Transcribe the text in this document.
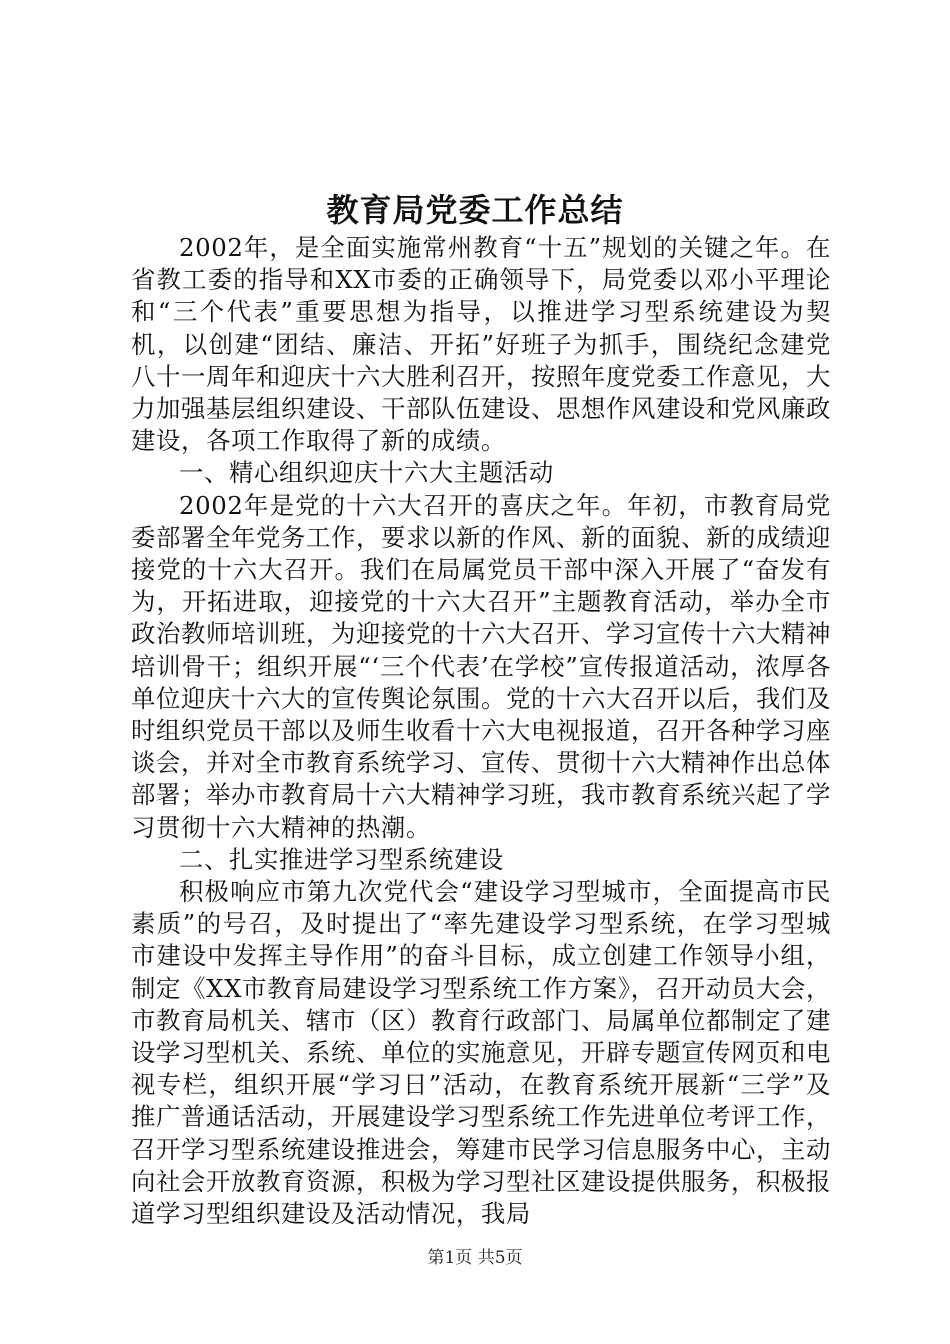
教育局党委工作总结

2002年，是全面实施常州教育“十五”规划的关键之年。在省教工委的指导和XX市委的正确领导下，局党委以邓小平理论和“三个代表”重要思想为指导，以推进学习型系统建设为契机，以创建“团结、廉洁、开拓”好班子为抓手，围绕纪念建党八十一周年和迎庆十六大胜利召开，按照年度党委工作意见，大力加强基层组织建设、干部队伍建设、思想作风建设和党风廉政建设，各项工作取得了新的成绩。

一、精心组织迎庆十六大主题活动

2002年是党的十六大召开的喜庆之年。年初，市教育局党委部署全年党务工作，要求以新的作风、新的面貌、新的成绩迎接党的十六大召开。我们在局属党员干部中深入开展了“奋发有为，开拓进取，迎接党的十六大召开”主题教育活动，举办全市政治教师培训班，为迎接党的十六大召开、学习宣传十六大精神培训骨干；组织开展“‘三个代表’在学校”宣传报道活动，浓厚各单位迎庆十六大的宣传舆论氛围。党的十六大召开以后，我们及时组织党员干部以及师生收看十六大电视报道，召开各种学习座谈会，并对全市教育系统学习、宣传、贯彻十六大精神作出总体部署；举办市教育局十六大精神学习班，我市教育系统兴起了学习贯彻十六大精神的热潮。

二、扎实推进学习型系统建设

积极响应市第九次党代会“建设学习型城市，全面提高市民素质”的号召，及时提出了“率先建设学习型系统，在学习型城市建设中发挥主导作用”的奋斗目标，成立创建工作领导小组，制定《XX市教育局建设学习型系统工作方案》，召开动员大会，市教育局机关、辖市（区）教育行政部门、局属单位都制定了建设学习型机关、系统、单位的实施意见，开辟专题宣传网页和电视专栏，组织开展“学习日”活动，在教育系统开展新“三学”及推广普通话活动，开展建设学习型系统工作先进单位考评工作，召开学习型系统建设推进会，筹建市民学习信息服务中心，主动向社会开放教育资源，积极为学习型社区建设提供服务，积极报道学习型组织建设及活动情况，我局

第1页 共5页
